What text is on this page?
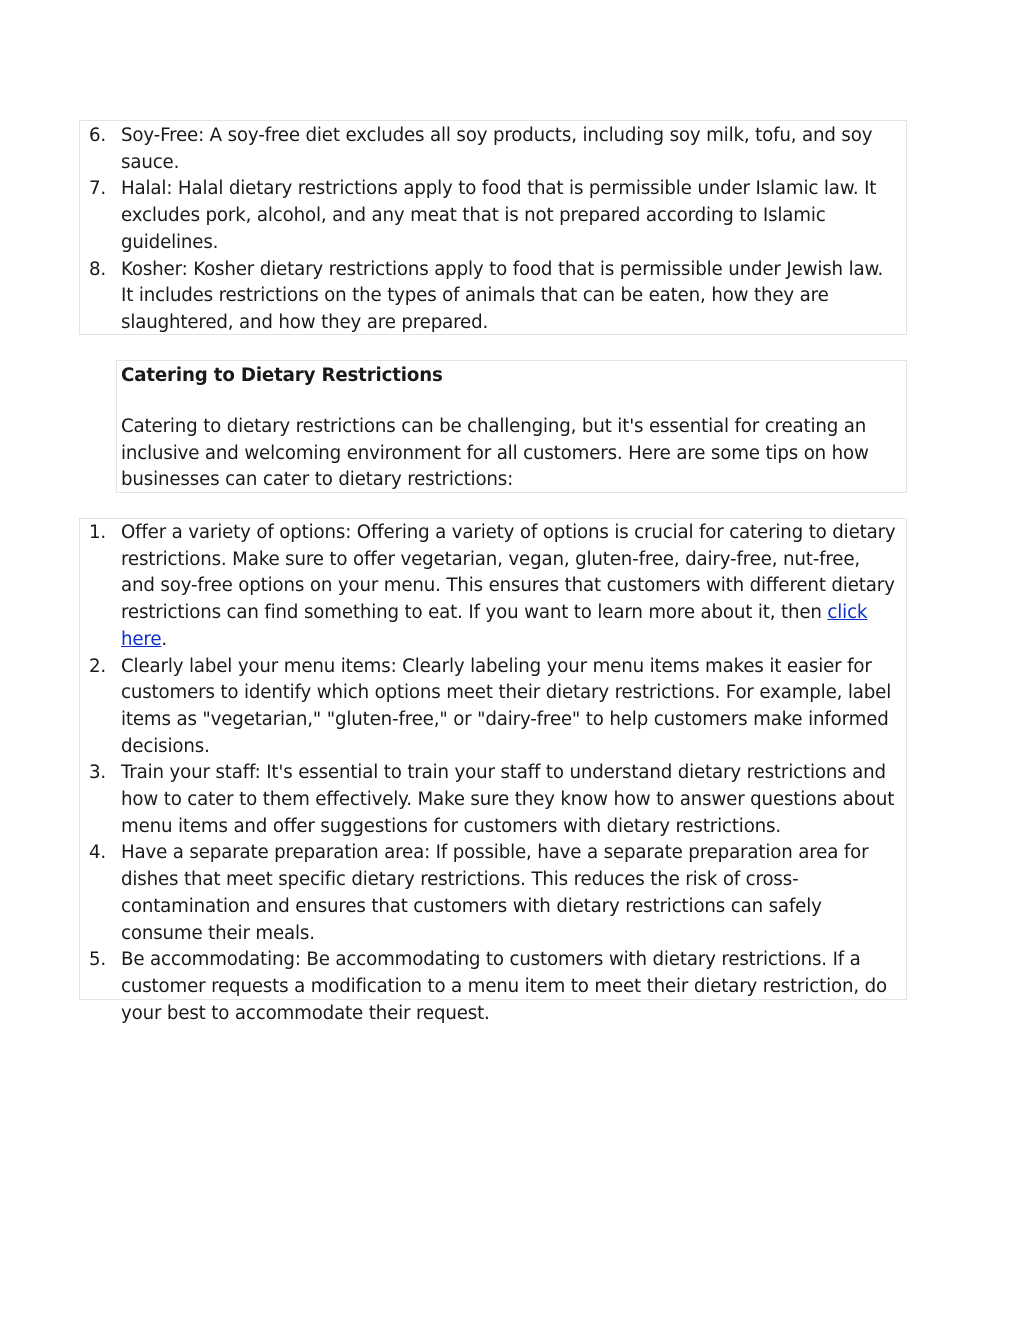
6. Soy-Free: A soy-free diet excludes all soy products, including soy milk, tofu, and soy sauce.
7. Halal: Halal dietary restrictions apply to food that is permissible under Islamic law. It excludes pork, alcohol, and any meat that is not prepared according to Islamic guidelines.
8. Kosher: Kosher dietary restrictions apply to food that is permissible under Jewish law. It includes restrictions on the types of animals that can be eaten, how they are slaughtered, and how they are prepared.
Catering to Dietary Restrictions
Catering to dietary restrictions can be challenging, but it's essential for creating an inclusive and welcoming environment for all customers. Here are some tips on how businesses can cater to dietary restrictions:
1. Offer a variety of options: Offering a variety of options is crucial for catering to dietary restrictions. Make sure to offer vegetarian, vegan, gluten-free, dairy-free, nut-free, and soy-free options on your menu. This ensures that customers with different dietary restrictions can find something to eat. If you want to learn more about it, then click here.
2. Clearly label your menu items: Clearly labeling your menu items makes it easier for customers to identify which options meet their dietary restrictions. For example, label items as "vegetarian," "gluten-free," or "dairy-free" to help customers make informed decisions.
3. Train your staff: It's essential to train your staff to understand dietary restrictions and how to cater to them effectively. Make sure they know how to answer questions about menu items and offer suggestions for customers with dietary restrictions.
4. Have a separate preparation area: If possible, have a separate preparation area for dishes that meet specific dietary restrictions. This reduces the risk of cross-contamination and ensures that customers with dietary restrictions can safely consume their meals.
5. Be accommodating: Be accommodating to customers with dietary restrictions. If a customer requests a modification to a menu item to meet their dietary restriction, do your best to accommodate their request.
